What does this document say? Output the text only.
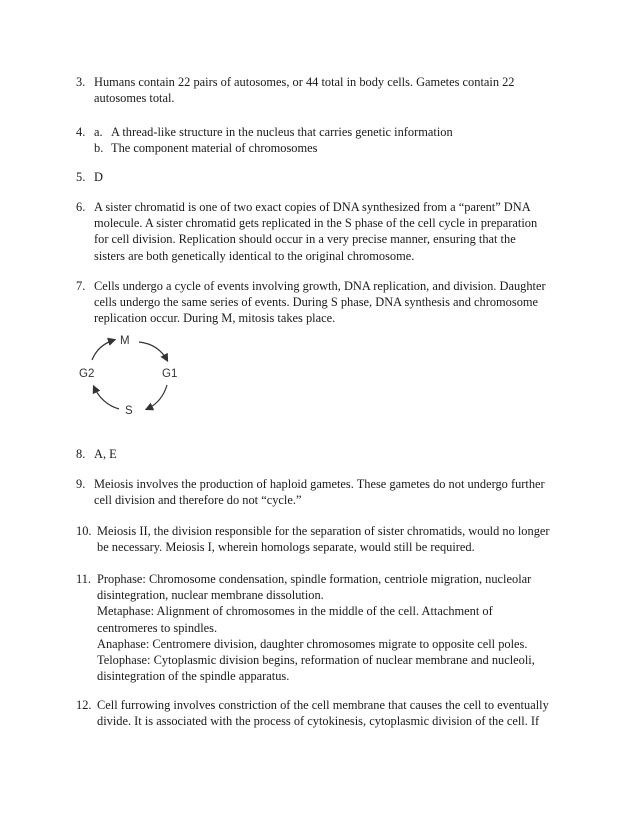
3. Humans contain 22 pairs of autosomes, or 44 total in body cells. Gametes contain 22
autosomes total.
4. a. A thread-like structure in the nucleus that carries genetic information
b. The component material of chromosomes
5. D
6. A sister chromatid is one of two exact copies of DNA synthesized from a “parent” DNA
molecule. A sister chromatid gets replicated in the S phase of the cell cycle in preparation
for cell division. Replication should occur in a very precise manner, ensuring that the
sisters are both genetically identical to the original chromosome.
7. Cells undergo a cycle of events involving growth, DNA replication, and division. Daughter
cells undergo the same series of events. During S phase, DNA synthesis and chromosome
replication occur. During M, mitosis takes place.
M
G1
S
G2
8. A, E
9. Meiosis involves the production of haploid gametes. These gametes do not undergo further
cell division and therefore do not “cycle.”
10. Meiosis II, the division responsible for the separation of sister chromatids, would no longer
be necessary. Meiosis I, wherein homologs separate, would still be required.
11. Prophase: Chromosome condensation, spindle formation, centriole migration, nucleolar
disintegration, nuclear membrane dissolution.
Metaphase: Alignment of chromosomes in the middle of the cell. Attachment of
centromeres to spindles.
Anaphase: Centromere division, daughter chromosomes migrate to opposite cell poles.
Telophase: Cytoplasmic division begins, reformation of nuclear membrane and nucleoli,
disintegration of the spindle apparatus.
12. Cell furrowing involves constriction of the cell membrane that causes the cell to eventually
divide. It is associated with the process of cytokinesis, cytoplasmic division of the cell. If
